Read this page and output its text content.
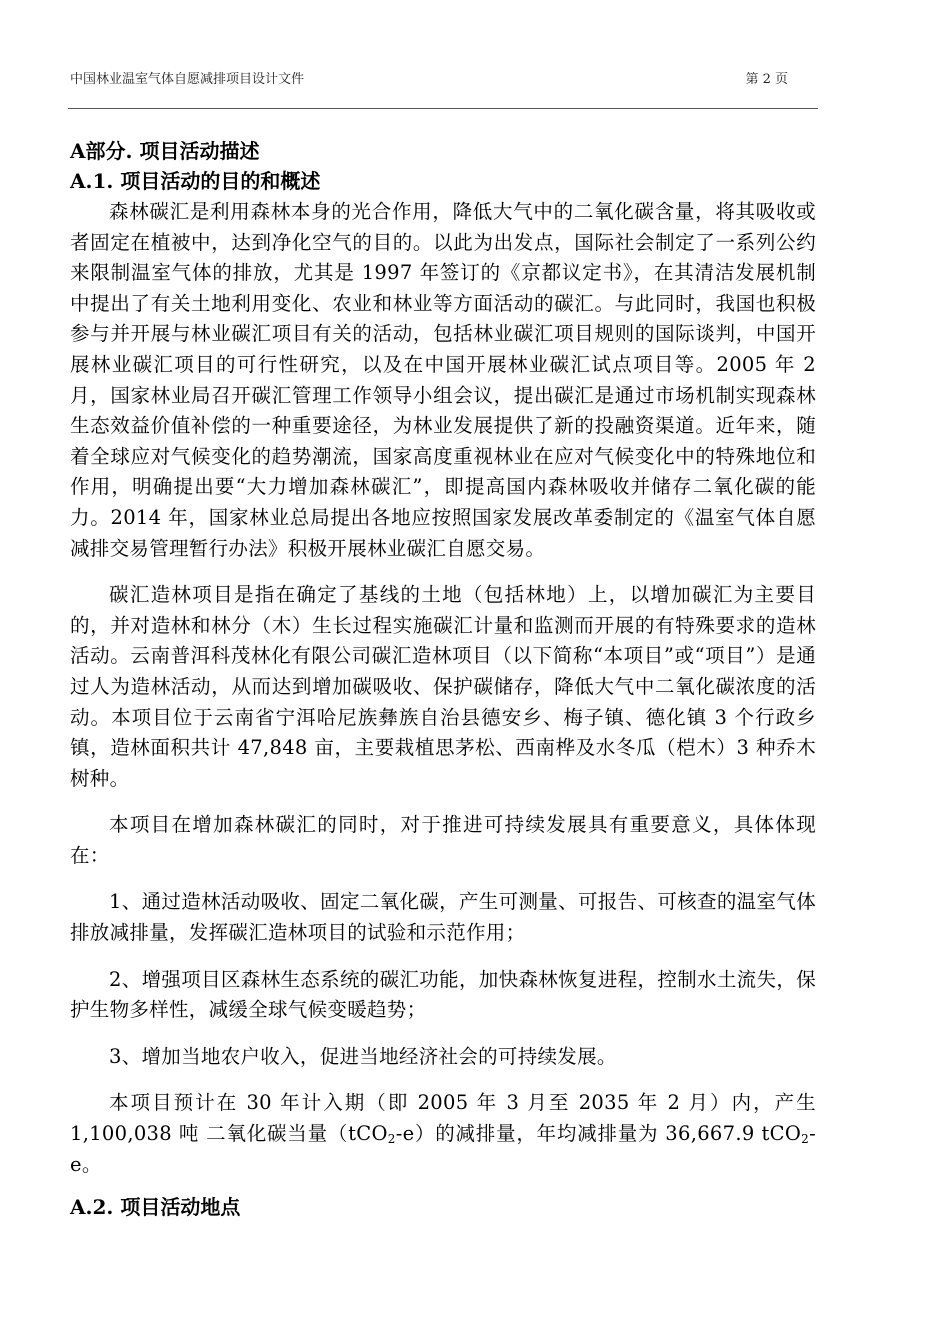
中国林业温室气体自愿减排项目设计文件	第 2 页
A部分. 项目活动描述
A.1. 项目活动的目的和概述

森林碳汇是利用森林本身的光合作用，降低大气中的二氧化碳含量，将其吸收或者固定在植被中，达到净化空气的目的。以此为出发点，国际社会制定了一系列公约来限制温室气体的排放，尤其是 1997 年签订的《京都议定书》，在其清洁发展机制中提出了有关土地利用变化、农业和林业等方面活动的碳汇。与此同时，我国也积极参与并开展与林业碳汇项目有关的活动，包括林业碳汇项目规则的国际谈判，中国开展林业碳汇项目的可行性研究，以及在中国开展林业碳汇试点项目等。2005 年 2 月，国家林业局召开碳汇管理工作领导小组会议，提出碳汇是通过市场机制实现森林生态效益价值补偿的一种重要途径，为林业发展提供了新的投融资渠道。近年来，随着全球应对气候变化的趋势潮流，国家高度重视林业在应对气候变化中的特殊地位和作用，明确提出要“大力增加森林碳汇”，即提高国内森林吸收并储存二氧化碳的能力。2014 年，国家林业总局提出各地应按照国家发展改革委制定的《温室气体自愿减排交易管理暂行办法》积极开展林业碳汇自愿交易。

碳汇造林项目是指在确定了基线的土地（包括林地）上，以增加碳汇为主要目的，并对造林和林分（木）生长过程实施碳汇计量和监测而开展的有特殊要求的造林活动。云南普洱科茂林化有限公司碳汇造林项目（以下简称“本项目”或“项目”）是通过人为造林活动，从而达到增加碳吸收、保护碳储存，降低大气中二氧化碳浓度的活动。本项目位于云南省宁洱哈尼族彝族自治县德安乡、梅子镇、德化镇 3 个行政乡镇，造林面积共计 47,848 亩，主要栽植思茅松、西南桦及水冬瓜（桤木）3 种乔木树种。

本项目在增加森林碳汇的同时，对于推进可持续发展具有重要意义，具体体现在：

1、通过造林活动吸收、固定二氧化碳，产生可测量、可报告、可核查的温室气体排放减排量，发挥碳汇造林项目的试验和示范作用；

2、增强项目区森林生态系统的碳汇功能，加快森林恢复进程，控制水土流失，保护生物多样性，减缓全球气候变暖趋势；

3、增加当地农户收入，促进当地经济社会的可持续发展。

本项目预计在 30 年计入期（即 2005 年 3 月至 2035 年 2 月）内，产生 1,100,038 吨 二氧化碳当量（tCO$_2$-e）的减排量，年均减排量为 36,667.9 tCO$_2$-e。

A.2. 项目活动地点
